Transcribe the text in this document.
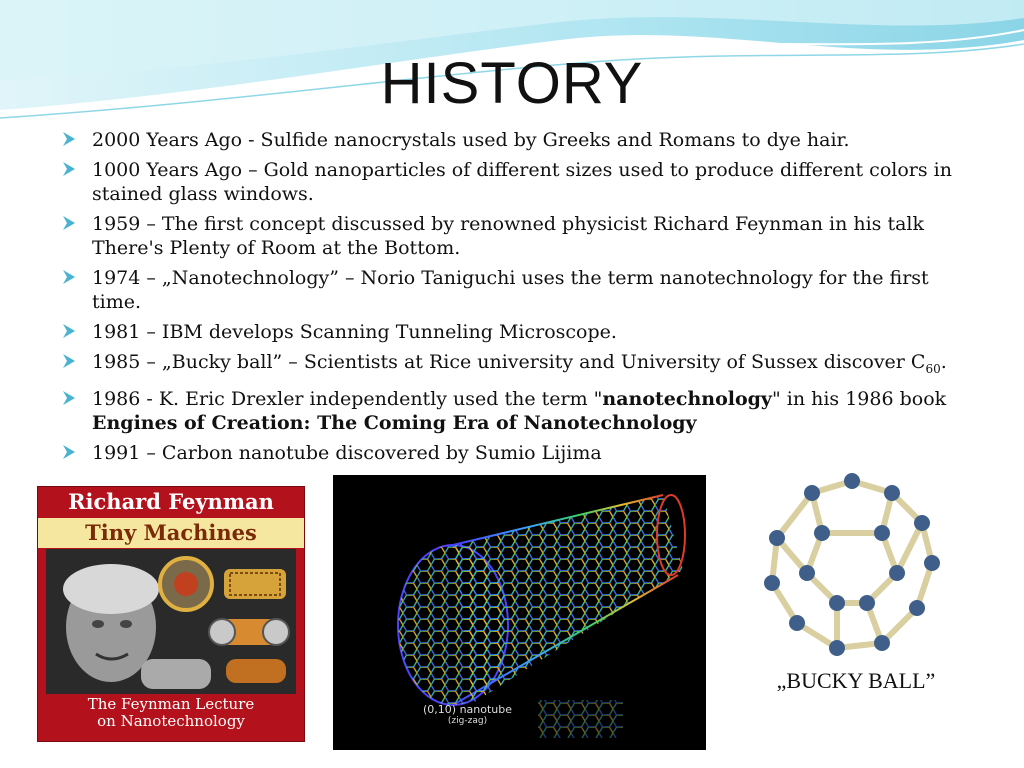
HISTORY
2000 Years Ago - Sulfide nanocrystals used by Greeks and Romans to dye hair.
1000 Years Ago – Gold nanoparticles of different sizes used to produce different colors in stained glass windows.
1959 – The first concept discussed by renowned physicist Richard Feynman in his talk There's Plenty of Room at the Bottom.
1974 – „Nanotechnology” – Norio Taniguchi uses the term nanotechnology for the first time.
1981 – IBM develops Scanning Tunneling Microscope.
1985 – „Bucky ball” – Scientists at Rice university and University of Sussex discover $C_{60}$.
1986 - K. Eric Drexler independently used the term "nanotechnology" in his 1986 book Engines of Creation: The Coming Era of Nanotechnology
1991 – Carbon nanotube discovered by Sumio Lijima
Richard Feynman
Tiny Machines
The Feynman Lecture
on Nanotechnology
(0,10) nanotube
(zig-zag)
„BUCKY BALL”
